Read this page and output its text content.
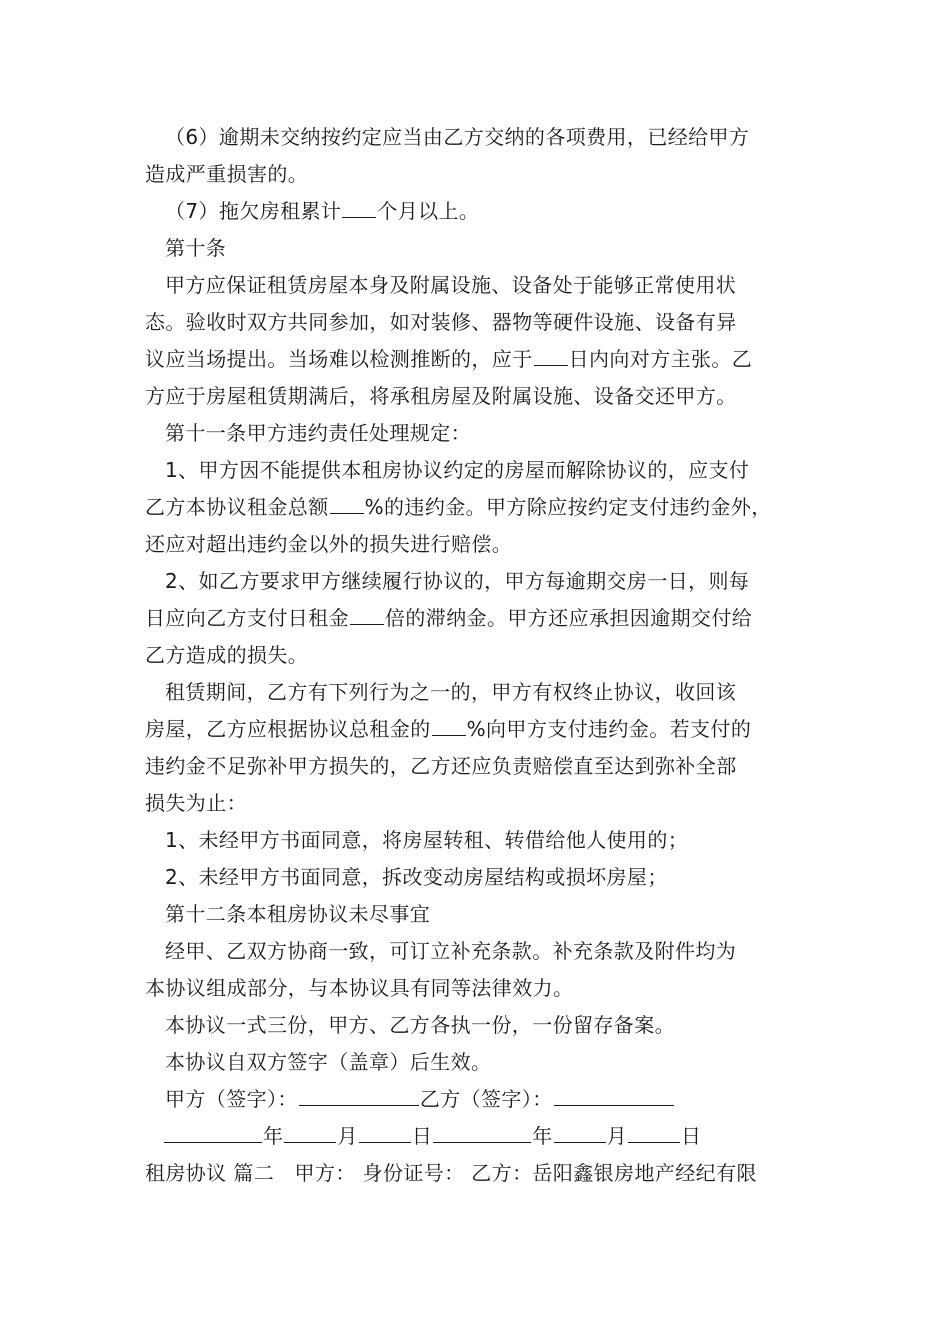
（6）逾期未交纳按约定应当由乙方交纳的各项费用，已经给甲方
造成严重损害的。
（7）拖欠房租累计 个月以上。
第十条
甲方应保证租赁房屋本身及附属设施、设备处于能够正常使用状
态。验收时双方共同参加，如对装修、器物等硬件设施、设备有异
议应当场提出。当场难以检测推断的，应于 日内向对方主张。乙
方应于房屋租赁期满后，将承租房屋及附属设施、设备交还甲方。
第十一条甲方违约责任处理规定：
1、甲方因不能提供本租房协议约定的房屋而解除协议的，应支付
乙方本协议租金总额 %的违约金。甲方除应按约定支付违约金外，
还应对超出违约金以外的损失进行赔偿。
2、如乙方要求甲方继续履行协议的，甲方每逾期交房一日，则每
日应向乙方支付日租金 倍的滞纳金。甲方还应承担因逾期交付给
乙方造成的损失。
租赁期间，乙方有下列行为之一的，甲方有权终止协议，收回该
房屋，乙方应根据协议总租金的 %向甲方支付违约金。若支付的
违约金不足弥补甲方损失的，乙方还应负责赔偿直至达到弥补全部
损失为止：
1、未经甲方书面同意，将房屋转租、转借给他人使用的；
2、未经甲方书面同意，拆改变动房屋结构或损坏房屋；
第十二条本租房协议未尽事宜
经甲、乙双方协商一致，可订立补充条款。补充条款及附件均为
本协议组成部分，与本协议具有同等法律效力。
本协议一式三份，甲方、乙方各执一份，一份留存备案。
本协议自双方签字（盖章）后生效。
甲方（签字）：	乙方（签字）：
年	月	日	年	月	日
租房协议 篇二　甲方： 身份证号： 乙方：岳阳鑫银房地产经纪有限
